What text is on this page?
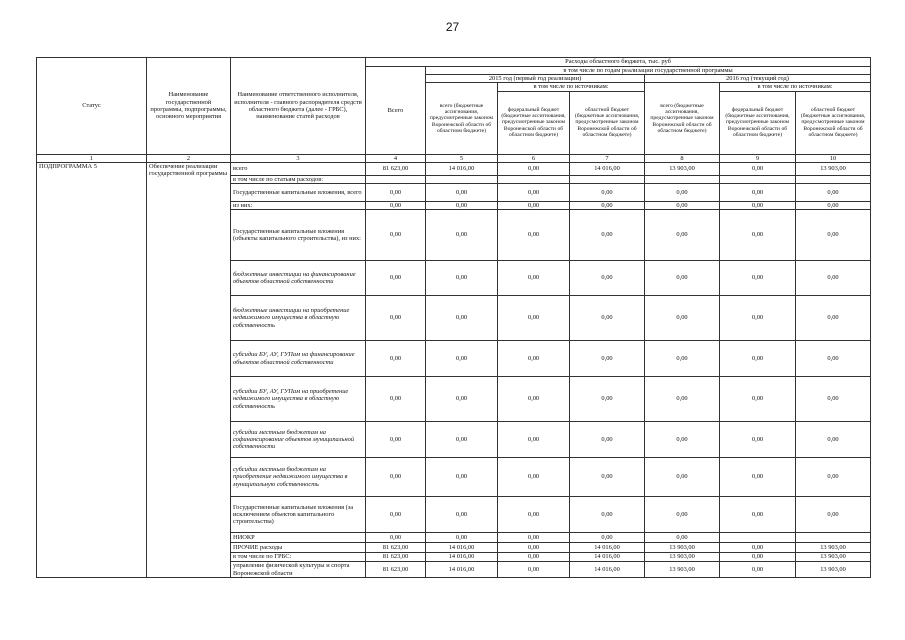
27
Статус	Наименование государственной программы, подпрограммы, основного мероприятия	Наименование ответственного исполнителя, исполнителя - главного распорядителя средств областного бюджета (далее - ГРБС), наименование статей расходов	Расходы областного бюджета, тыс. руб						
			Всего	в том числе по годам реализации государственной программы					
				2015 год (первый год реализации)			2016 год (текущий год)		
				всего (бюджетные ассигнования, предусмотренные законом Воронежской области об областном бюджете)	в том числе по источникам:		всего (бюджетные ассигнования, предусмотренные законом Воронежской области об областном бюджете)	в том числе по источникам:	
					федеральный бюджет (бюджетные ассигнования, предусмотренные законом Воронежской области об областном бюджете)	областной бюджет (бюджетные ассигнования, предусмотренные законом Воронежской области об областном бюджете)		федеральный бюджет (бюджетные ассигнования, предусмотренные законом Воронежской области об областном бюджете)	областной бюджет (бюджетные ассигнования, предусмотренные законом Воронежской области об областном бюджете)
1	2	3	4	5	6	7	8	9	10
ПОДПРОГРАММА 5	Обеспечение реализации государственной программы	всего	81 623,00	14 016,00	0,00	14 016,00	13 903,00	0,00	13 903,00
		в том числе по статьям расходов:							
		Государственные капитальные вложения, всего	0,00	0,00	0,00	0,00	0,00	0,00	0,00
		из них:	0,00	0,00	0,00	0,00	0,00	0,00	0,00
		Государственные капитальные вложения (объекты капитального строительства), из них:	0,00	0,00	0,00	0,00	0,00	0,00	0,00
		бюджетные инвестиции на финансирование объектов областной собственности	0,00	0,00	0,00	0,00	0,00	0,00	0,00
		бюджетные инвестиции на приобретение недвижимого имущества в областную собственность	0,00	0,00	0,00	0,00	0,00	0,00	0,00
		субсидии БУ, АУ, ГУПам на финансирование объектов областной собственности	0,00	0,00	0,00	0,00	0,00	0,00	0,00
		субсидии БУ, АУ, ГУПам на приобретение недвижимого имущества в областную собственность	0,00	0,00	0,00	0,00	0,00	0,00	0,00
		субсидии местным бюджетам на софинансирование объектов муниципальной собственности	0,00	0,00	0,00	0,00	0,00	0,00	0,00
		субсидии местным бюджетам на приобретение недвижимого имущества в муниципальную собственность	0,00	0,00	0,00	0,00	0,00	0,00	0,00
		Государственные капитальные вложения (за исключением объектов капитального строительства)	0,00	0,00	0,00	0,00	0,00	0,00	0,00
		НИОКР	0,00	0,00	0,00	0,00	0,00		
		ПРОЧИЕ расходы	81 623,00	14 016,00	0,00	14 016,00	13 903,00	0,00	13 903,00
		в том числе по ГРБС:	81 623,00	14 016,00	0,00	14 016,00	13 903,00	0,00	13 903,00
		управление физической культуры и спорта Воронежской области	81 623,00	14 016,00	0,00	14 016,00	13 903,00	0,00	13 903,00
